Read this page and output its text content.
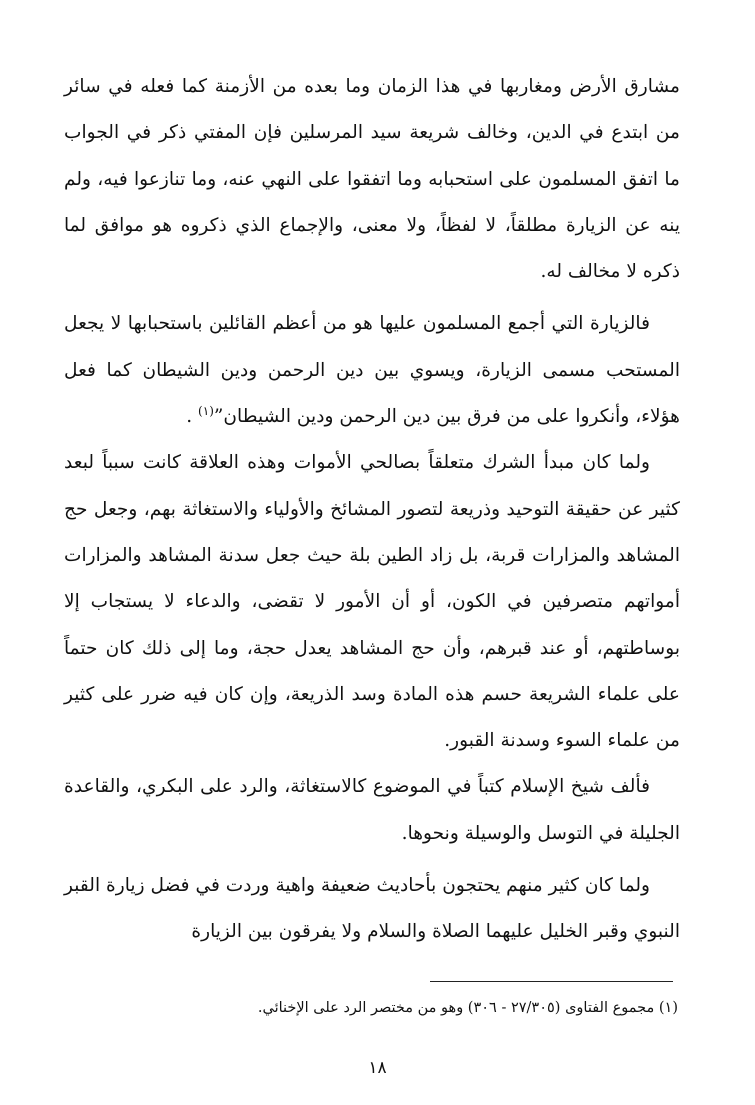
مشارق الأرض ومغاربها في هذا الزمان وما بعده من الأزمنة كما فعله في سائر من ابتدع في الدين، وخالف شريعة سيد المرسلين فإن المفتي ذكر في الجواب ما اتفق المسلمون على استحبابه وما اتفقوا على النهي عنه، وما تنازعوا فيه، ولم ينه عن الزيارة مطلقاً، لا لفظاً، ولا معنى، والإجماع الذي ذكروه هو موافق لما ذكره لا مخالف له.

فالزيارة التي أجمع المسلمون عليها هو من أعظم القائلين باستحبابها لا يجعل المستحب مسمى الزيارة، ويسوي بين دين الرحمن ودين الشيطان كما فعل هؤلاء، وأنكروا على من فرق بين دين الرحمن ودين الشيطان”$^{(١)}$ .

ولما كان مبدأ الشرك متعلقاً بصالحي الأموات وهذه العلاقة كانت سبباً لبعد كثير عن حقيقة التوحيد وذريعة لتصور المشائخ والأولياء والاستغاثة بهم، وجعل حج المشاهد والمزارات قربة، بل زاد الطين بلة حيث جعل سدنة المشاهد والمزارات أمواتهم متصرفين في الكون، أو أن الأمور لا تقضى، والدعاء لا يستجاب إلا بوساطتهم، أو عند قبرهم، وأن حج المشاهد يعدل حجة، وما إلى ذلك كان حتماً على علماء الشريعة حسم هذه المادة وسد الذريعة، وإن كان فيه ضرر على كثير من علماء السوء وسدنة القبور.

فألف شيخ الإسلام كتباً في الموضوع كالاستغاثة، والرد على البكري، والقاعدة الجليلة في التوسل والوسيلة ونحوها.

ولما كان كثير منهم يحتجون بأحاديث ضعيفة واهية وردت في فضل زيارة القبر النبوي وقبر الخليل عليهما الصلاة والسلام ولا يفرقون بين الزيارة

(١) مجموع الفتاوى (٢٧/٣٠٥ - ٣٠٦) وهو من مختصر الرد على الإخنائي.
١٨
